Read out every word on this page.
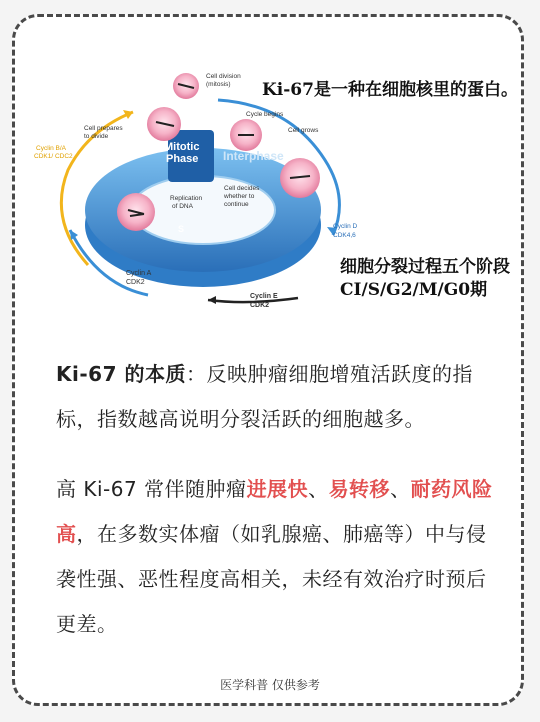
Cell division
(mitosis)
M
Cycle begins
G1
Cell grows
Cell prepares
to divide
G2
Mitotic
Phase Interphase
Cyclin B/A
CDK1/ CDC2
Replication
of DNA
S
Cell decides
whether to
continue
Cyclin D
CDK4,6
Cyclin A
CDK2
Cyclin E
CDK2
Ki-67是一种在细胞核里的蛋白。
细胞分裂过程五个阶段CI/S/G2/M/G0期
Ki-67 的本质：反映肿瘤细胞增殖活跃度的指标，指数越高说明分裂活跃的细胞越多。
高 Ki-67 常伴随肿瘤进展快、易转移、耐药风险高，在多数实体瘤（如乳腺癌、肺癌等）中与侵袭性强、恶性程度高相关，未经有效治疗时预后更差。
医学科普 仅供参考
